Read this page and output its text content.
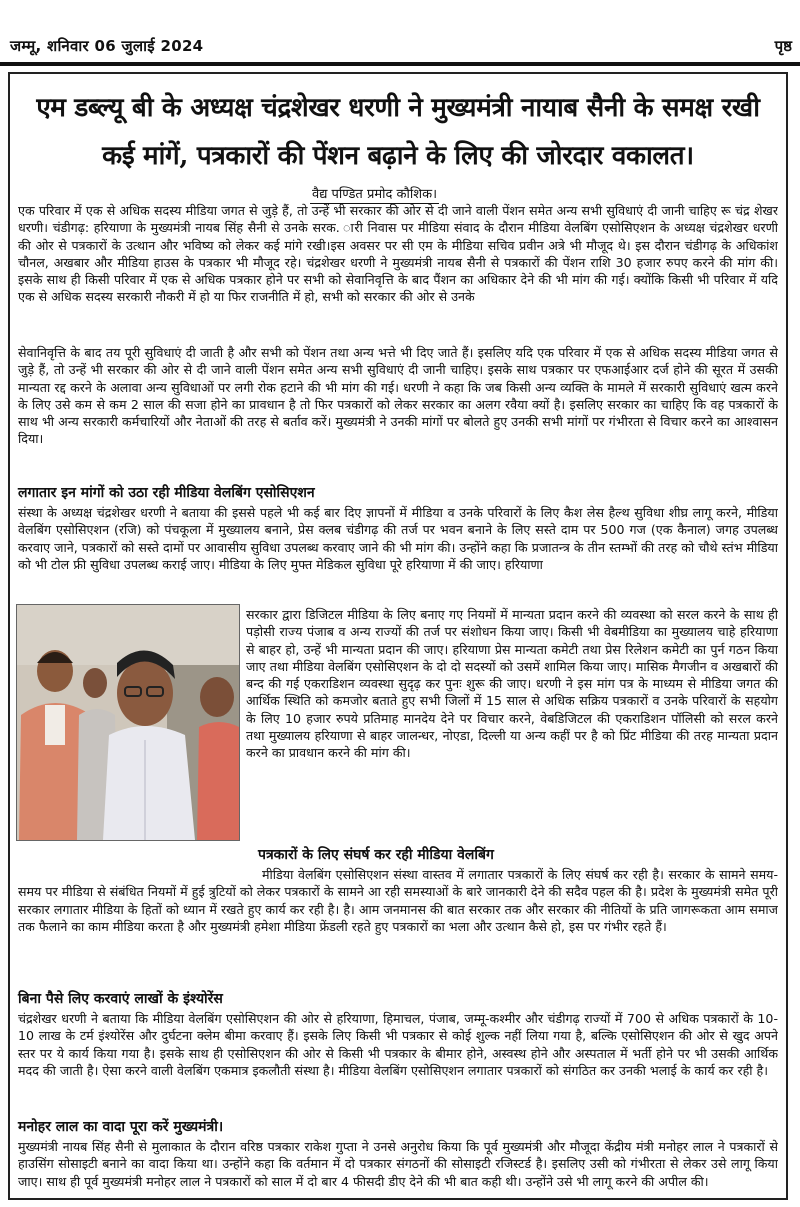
जम्मू, शनिवार 06 जुलाई 2024	पृष्ठ
एम डब्ल्यू बी के अध्यक्ष चंद्रशेखर धरणी ने मुख्यमंत्री नायाब सैनी के समक्ष रखी
कई मांगें, पत्रकारों की पेंशन बढ़ाने के लिए की जोरदार वकालत।
वैद्य पण्डित प्रमोद कौशिक।
एक परिवार में एक से अधिक सदस्य मीडिया जगत से जुड़े हैं, तो उन्हें भी सरकार की ओर से दी जाने वाली पेंशन समेत अन्य सभी सुविधाएं दी जानी चाहिए रू चंद्र शेखर धरणी। चंडीगढ़: हरियाणा के मुख्यमंत्री नायब सिंह सैनी से उनके सरक. ारी निवास पर मीडिया संवाद के दौरान मीडिया वेलबिंग एसोसिएशन के अध्यक्ष चंद्रशेखर धरणी की ओर से पत्रकारों के उत्थान और भविष्य को लेकर कई मांगे रखी।इस अवसर पर सी एम के मीडिया सचिव प्रवीन अत्रे भी मौजूद थे। इस दौरान चंडीगढ़ के अधिकांश चौनल, अखबार और मीडिया हाउस के पत्रकार भी मौजूद रहे। चंद्रशेखर धरणी ने मुख्यमंत्री नायब सैनी से पत्रकारों की पेंशन राशि 30 हजार रुपए करने की मांग की। इसके साथ ही किसी परिवार में एक से अधिक पत्रकार होने पर सभी को सेवानिवृत्ति के बाद पैंशन का अधिकार देने की भी मांग की गई। क्योंकि किसी भी परिवार में यदि एक से अधिक सदस्य सरकारी नौकरी में हो या फिर राजनीति में हो, सभी को सरकार की ओर से उनके
सेवानिवृत्ति के बाद तय पूरी सुविधाएं दी जाती है और सभी को पेंशन तथा अन्य भत्ते भी दिए जाते हैं। इसलिए यदि एक परिवार में एक से अधिक सदस्य मीडिया जगत से जुड़े हैं, तो उन्हें भी सरकार की ओर से दी जाने वाली पेंशन समेत अन्य सभी सुविधाएं दी जानी चाहिए। इसके साथ पत्रकार पर एफआईआर दर्ज होने की सूरत में उसकी मान्यता रद्द करने के अलावा अन्य सुविधाओं पर लगी रोक हटाने की भी मांग की गई। धरणी ने कहा कि जब किसी अन्य व्यक्ति के मामले में सरकारी सुविधाएं खत्म करने के लिए उसे कम से कम 2 साल की सजा होने का प्रावधान है तो फिर पत्रकारों को लेकर सरकार का अलग रवैया क्यों है। इसलिए सरकार का चाहिए कि वह पत्रकारों के साथ भी अन्य सरकारी कर्मचारियों और नेताओं की तरह से बर्ताव करें। मुख्यमंत्री ने उनकी मांगों पर बोलते हुए उनकी सभी मांगों पर गंभीरता से विचार करने का आश्वासन दिया।
लगातार इन मांगों को उठा रही मीडिया वेलबिंग एसोसिएशन
संस्था के अध्यक्ष चंद्रशेखर धरणी ने बताया की इससे पहले भी कई बार दिए ज्ञापनों में मीडिया व उनके परिवारों के लिए कैश लेस हैल्थ सुविधा शीघ्र लागू करने, मीडिया वेलबिंग एसोसिएशन (रजि) को पंचकूला में मुख्यालय बनाने, प्रेस क्लब चंडीगढ़ की तर्ज पर भवन बनाने के लिए सस्ते दाम पर 500 गज (एक कैनाल) जगह उपलब्ध करवाए जाने, पत्रकारों को सस्ते दामों पर आवासीय सुविधा उपलब्ध करवाए जाने की भी मांग की। उन्होंने कहा कि प्रजातन्त्र के तीन स्तम्भों की तरह को चौथे स्तंभ मीडिया को भी टोल फ्री सुविधा उपलब्ध कराई जाए। मीडिया के लिए मुफ्त मेडिकल सुविधा पूरे हरियाणा में की जाए। हरियाणा
सरकार द्वारा डिजिटल मीडिया के लिए बनाए गए नियमों में मान्यता प्रदान करने की व्यवस्था को सरल करने के साथ ही पड़ोसी राज्य पंजाब व अन्य राज्यों की तर्ज पर संशोधन किया जाए। किसी भी वेबमीडिया का मुख्यालय चाहे हरियाणा से बाहर हो, उन्हें भी मान्यता प्रदान की जाए। हरियाणा प्रेस मान्यता कमेटी तथा प्रेस रिलेशन कमेटी का पुर्न गठन किया जाए तथा मीडिया वेलबिंग एसोसिएशन के दो दो सदस्यों को उसमें शामिल किया जाए। मासिक मैगजीन व अखबारों की बन्द की गई एकराडिशन व्यवस्था सुदृढ़ कर पुनः शुरू की जाए। धरणी ने इस मांग पत्र के माध्यम से मीडिया जगत की आर्थिक स्थिति को कमजोर बताते हुए सभी जिलों में 15 साल से अधिक सक्रिय पत्रकारों व उनके परिवारों के सहयोग के लिए 10 हजार रुपये प्रतिमाह मानदेय देने पर विचार करने, वेबडिजिटल की एकराडिशन पॉलिसी को सरल करने तथा मुख्यालय हरियाणा से बाहर जालन्धर, नोएडा, दिल्ली या अन्य कहीं पर है को प्रिंट मीडिया की तरह मान्यता प्रदान करने का प्रावधान करने की मांग की।
पत्रकारों के लिए संघर्ष कर रही मीडिया वेलबिंग
मीडिया वेलबिंग एसोसिएशन संस्था वास्तव में लगातार पत्रकारों के लिए संघर्ष कर रही है। सरकार के सामने समय-समय पर मीडिया से संबंधित नियमों में हुई त्रुटियों को लेकर पत्रकारों के सामने आ रही समस्याओं के बारे जानकारी देने की सदैव पहल की है। प्रदेश के मुख्यमंत्री समेत पूरी सरकार लगातार मीडिया के हितों को ध्यान में रखते हुए कार्य कर रही है। है। आम जनमानस की बात सरकार तक और सरकार की नीतियों के प्रति जागरूकता आम समाज तक फैलाने का काम मीडिया करता है और मुख्यमंत्री हमेशा मीडिया फ्रेंडली रहते हुए पत्रकारों का भला और उत्थान कैसे हो, इस पर गंभीर रहते हैं।
बिना पैसे लिए करवाएं लाखों के इंश्योरेंस
चंद्रशेखर धरणी ने बताया कि मीडिया वेलबिंग एसोसिएशन की ओर से हरियाणा, हिमाचल, पंजाब, जम्मू-कश्मीर और चंडीगढ़ राज्यों में 700 से अधिक पत्रकारों के 10-10 लाख के टर्म इंश्योरेंस और दुर्घटना क्लेम बीमा करवाए हैं। इसके लिए किसी भी पत्रकार से कोई शुल्क नहीं लिया गया है, बल्कि एसोसिएशन की ओर से खुद अपने स्तर पर ये कार्य किया गया है। इसके साथ ही एसोसिएशन की ओर से किसी भी पत्रकार के बीमार होने, अस्वस्थ होने और अस्पताल में भर्ती होने पर भी उसकी आर्थिक मदद की जाती है। ऐसा करने वाली वेलबिंग एकमात्र इकलौती संस्था है। मीडिया वेलबिंग एसोसिएशन लगातार पत्रकारों को संगठित कर उनकी भलाई के कार्य कर रही है।
मनोहर लाल का वादा पूरा करें मुख्यमंत्री।
मुख्यमंत्री नायब सिंह सैनी से मुलाकात के दौरान वरिष्ठ पत्रकार राकेश गुप्ता ने उनसे अनुरोध किया कि पूर्व मुख्यमंत्री और मौजूदा केंद्रीय मंत्री मनोहर लाल ने पत्रकारों से हाउसिंग सोसाइटी बनाने का वादा किया था। उन्होंने कहा कि वर्तमान में दो पत्रकार संगठनों की सोसाइटी रजिस्टर्ड है। इसलिए उसी को गंभीरता से लेकर उसे लागू किया जाए। साथ ही पूर्व मुख्यमंत्री मनोहर लाल ने पत्रकारों को साल में दो बार 4 फीसदी डीए देने की भी बात कही थी। उन्होंने उसे भी लागू करने की अपील की।
